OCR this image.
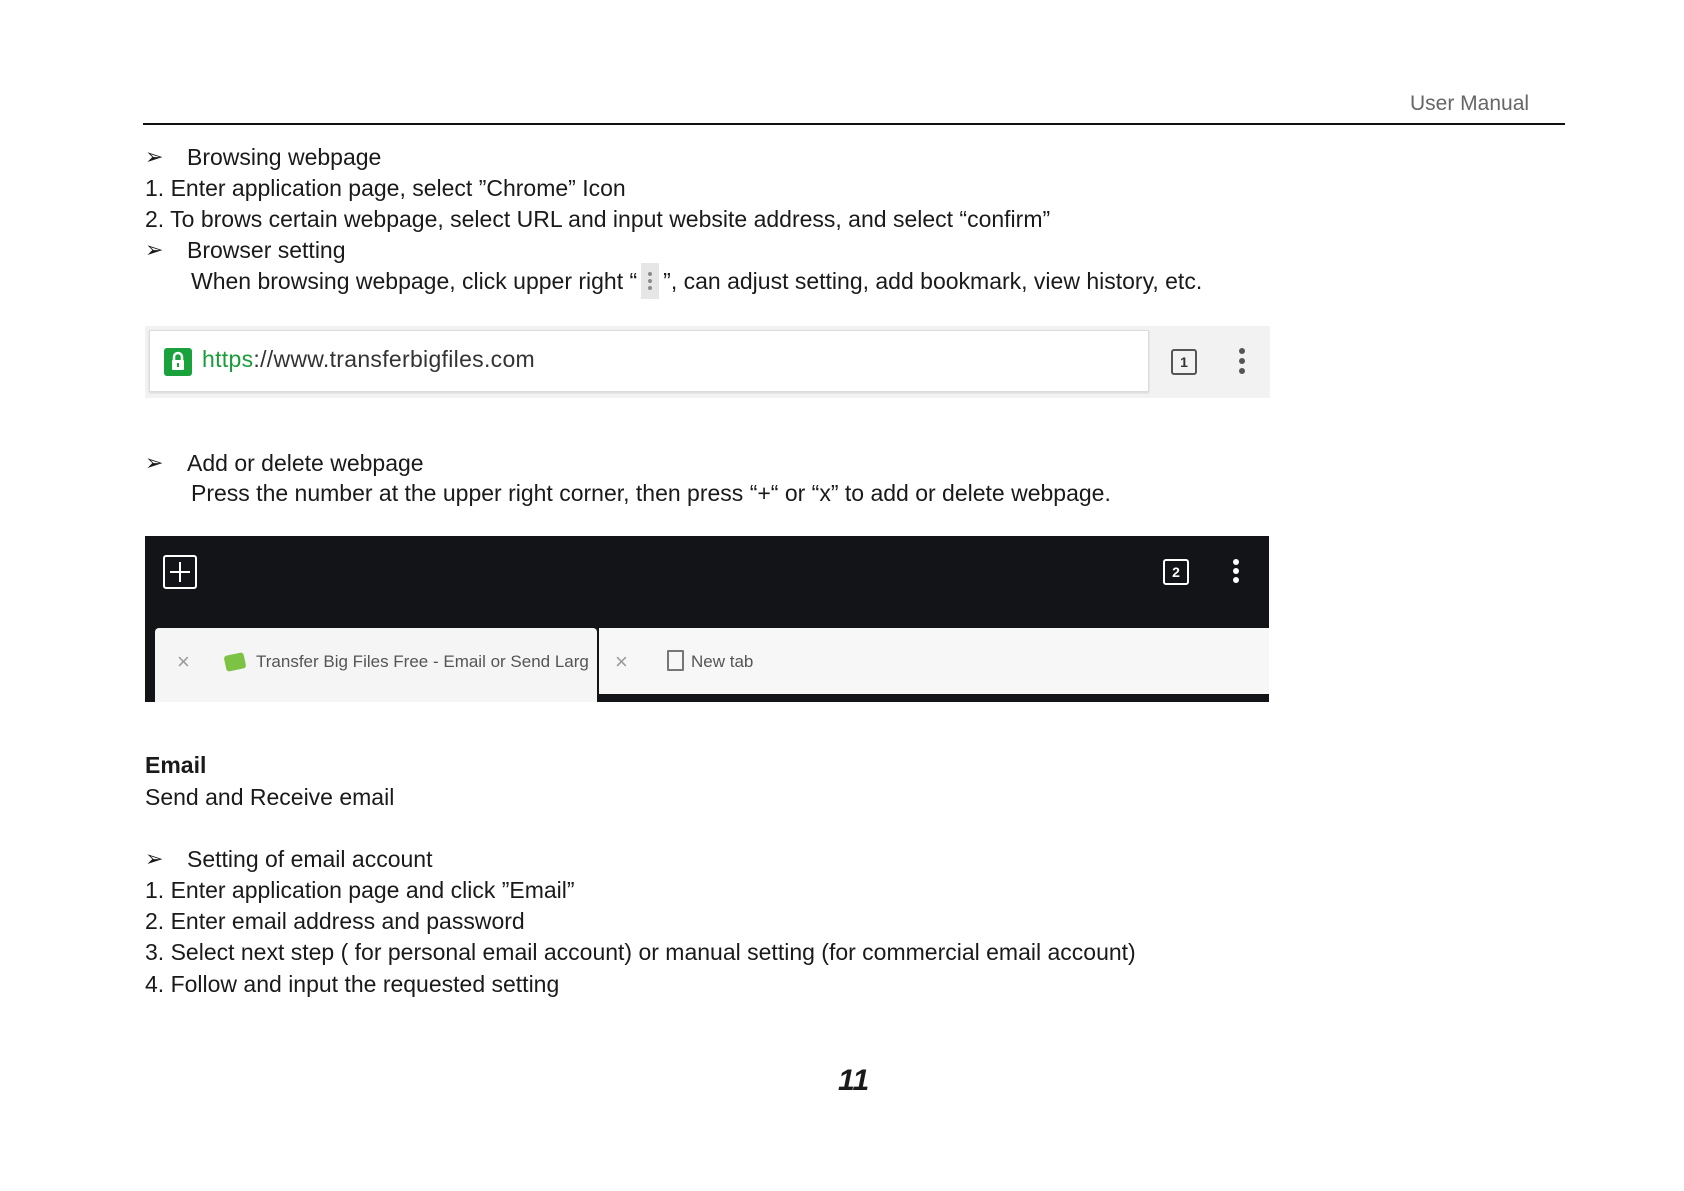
User Manual
➢ Browsing webpage
1. Enter application page, select ”Chrome” Icon
2. To brows certain webpage, select URL and input website address, and select “confirm”
➢ Browser setting
When browsing webpage, click upper right “ ”, can adjust setting, add bookmark, view history, etc.
https://www.transferbigfiles.com	1
➢ Add or delete webpage
Press the number at the upper right corner, then press “+“ or “x” to add or delete webpage.
2
×	Transfer Big Files Free - Email or Send Larg	×	New tab
Email
Send and Receive email
➢ Setting of email account
1. Enter application page and click ”Email”
2. Enter email address and password
3. Select next step ( for personal email account) or manual setting (for commercial email account)
4. Follow and input the requested setting
11
